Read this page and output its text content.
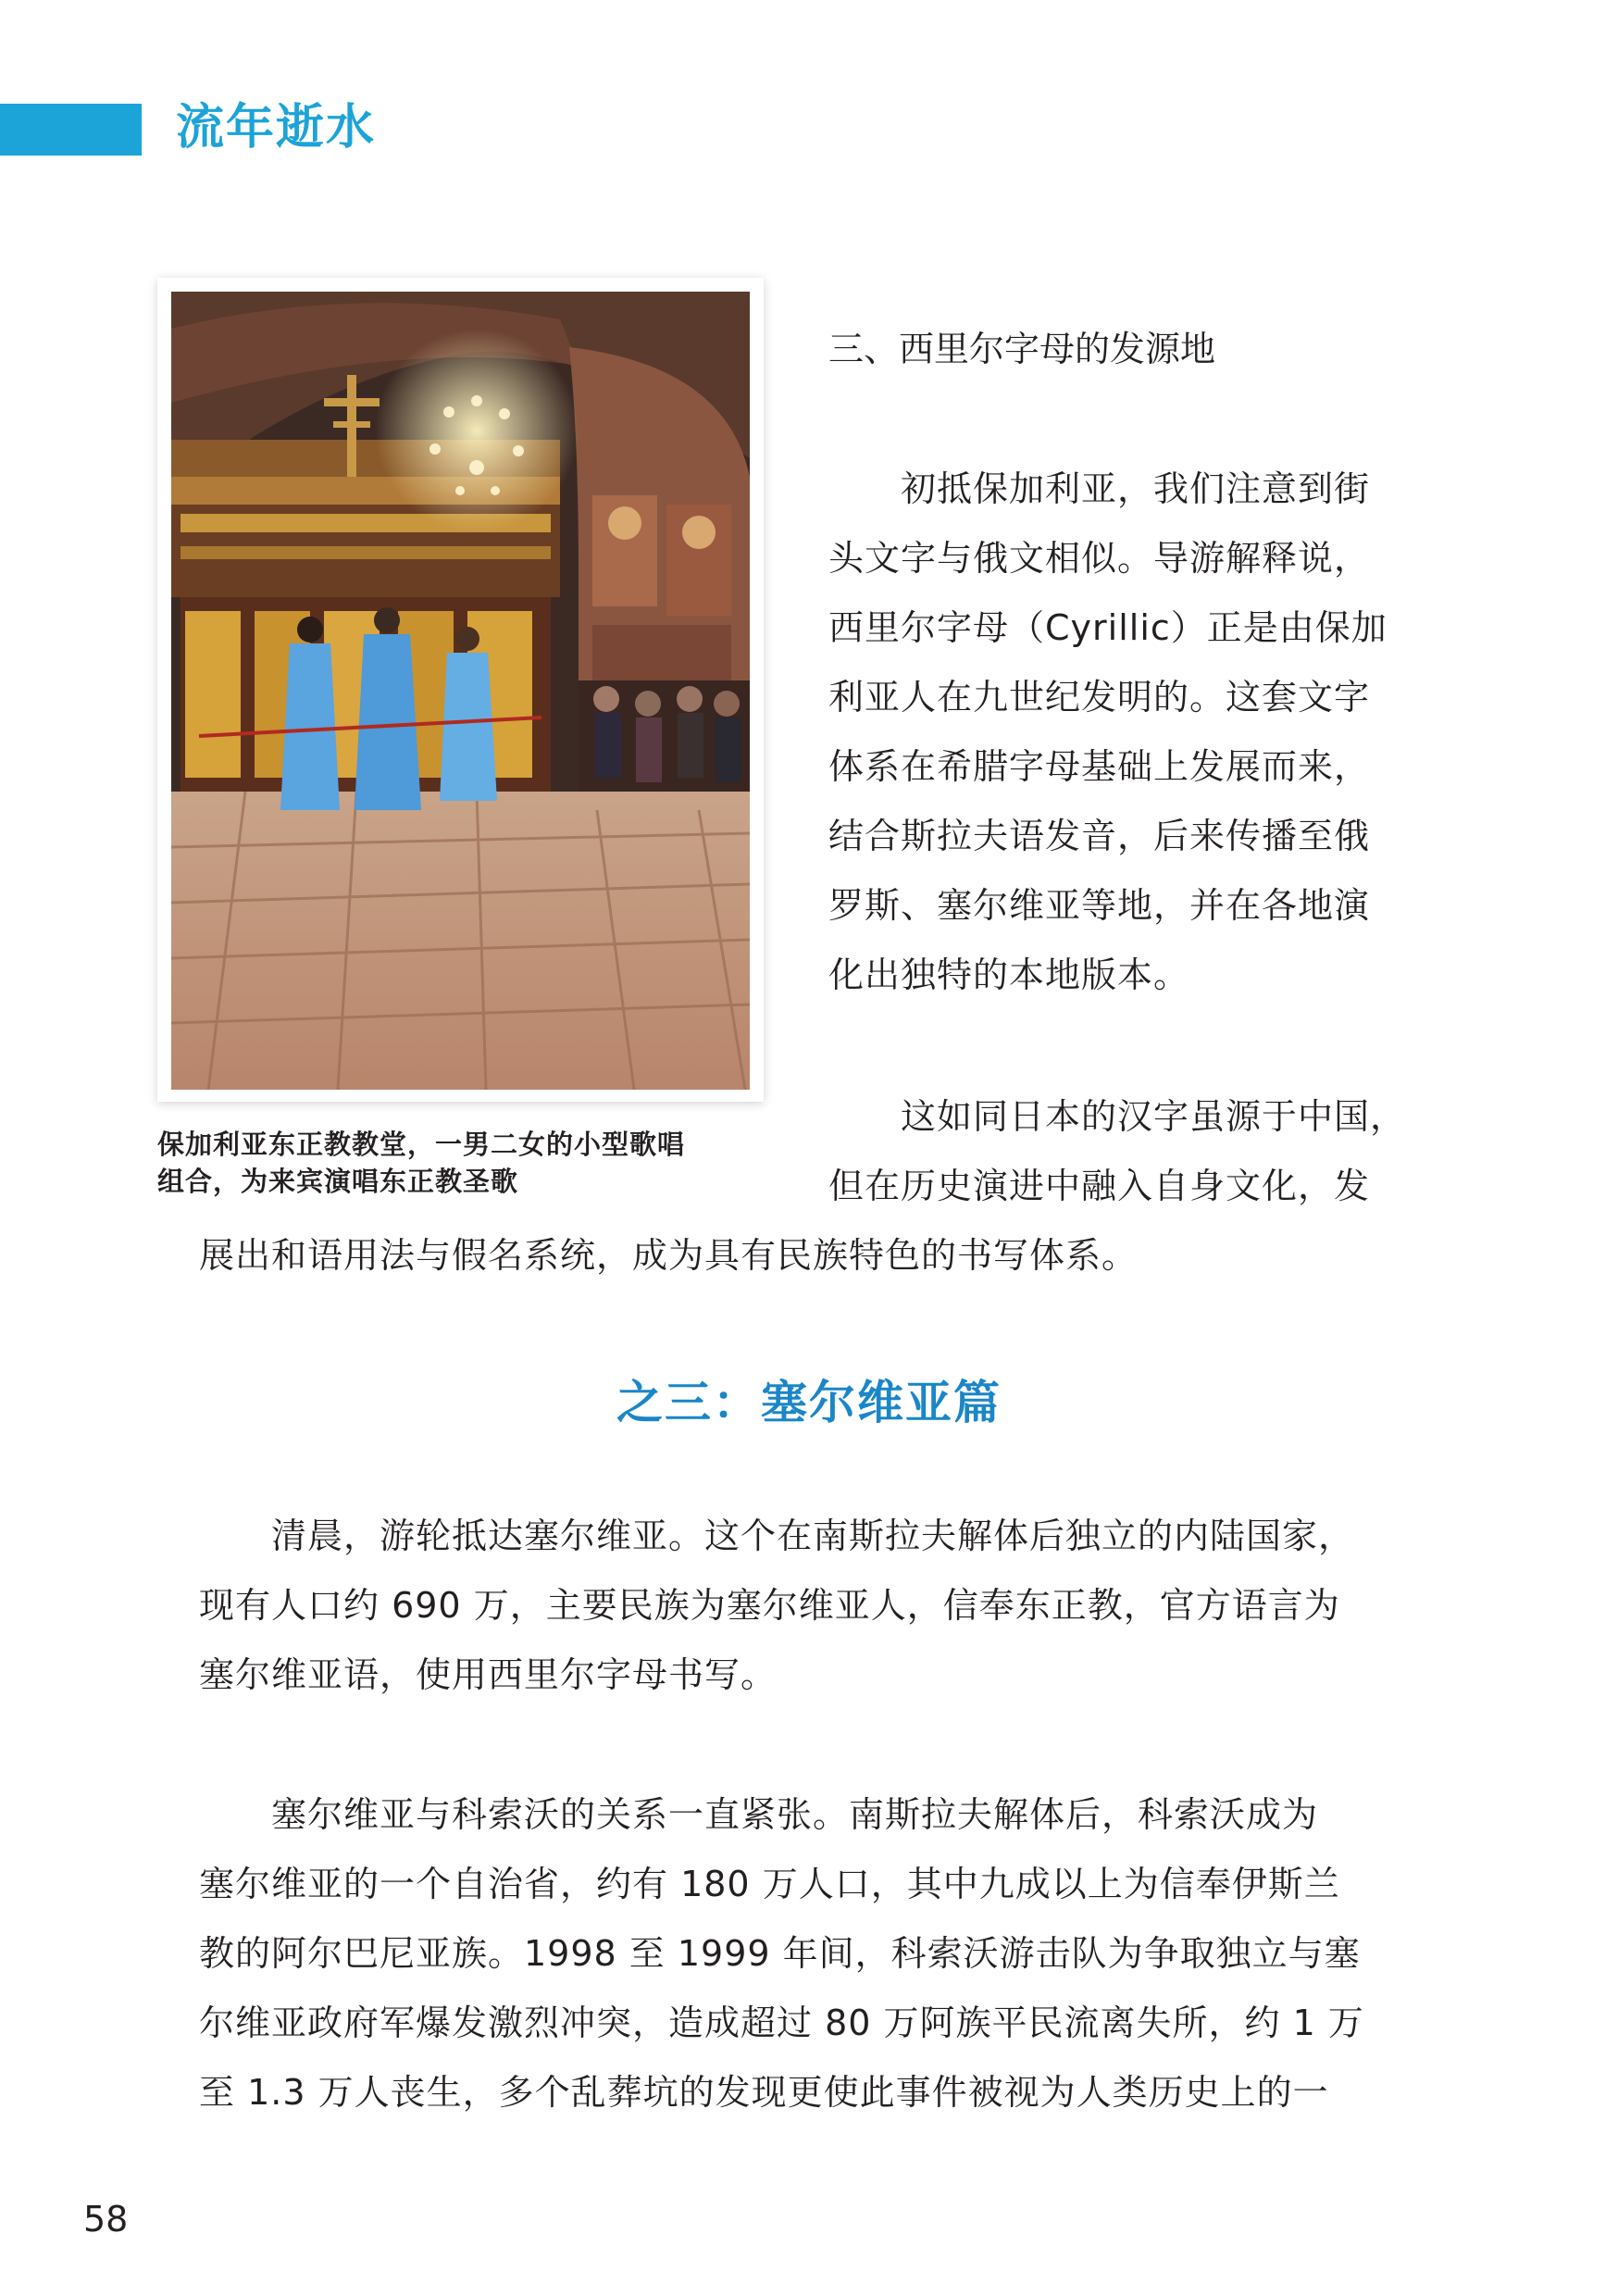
流年逝水
保加利亚东正教教堂，一男二女的小型歌唱
组合，为来宾演唱东正教圣歌
三、西里尔字母的发源地
　　初抵保加利亚，我们注意到街
头文字与俄文相似。导游解释说，
西里尔字母（Cyrillic）正是由保加
利亚人在九世纪发明的。这套文字
体系在希腊字母基础上发展而来，
结合斯拉夫语发音，后来传播至俄
罗斯、塞尔维亚等地，并在各地演
化出独特的本地版本。
　　这如同日本的汉字虽源于中国，
但在历史演进中融入自身文化，发
展出和语用法与假名系统，成为具有民族特色的书写体系。
之三：塞尔维亚篇
　　清晨，游轮抵达塞尔维亚。这个在南斯拉夫解体后独立的内陆国家，
现有人口约 690 万，主要民族为塞尔维亚人，信奉东正教，官方语言为
塞尔维亚语，使用西里尔字母书写。
　　塞尔维亚与科索沃的关系一直紧张。南斯拉夫解体后，科索沃成为
塞尔维亚的一个自治省，约有 180 万人口，其中九成以上为信奉伊斯兰
教的阿尔巴尼亚族。1998 至 1999 年间，科索沃游击队为争取独立与塞
尔维亚政府军爆发激烈冲突，造成超过 80 万阿族平民流离失所，约 1 万
至 1.3 万人丧生，多个乱葬坑的发现更使此事件被视为人类历史上的一
58
